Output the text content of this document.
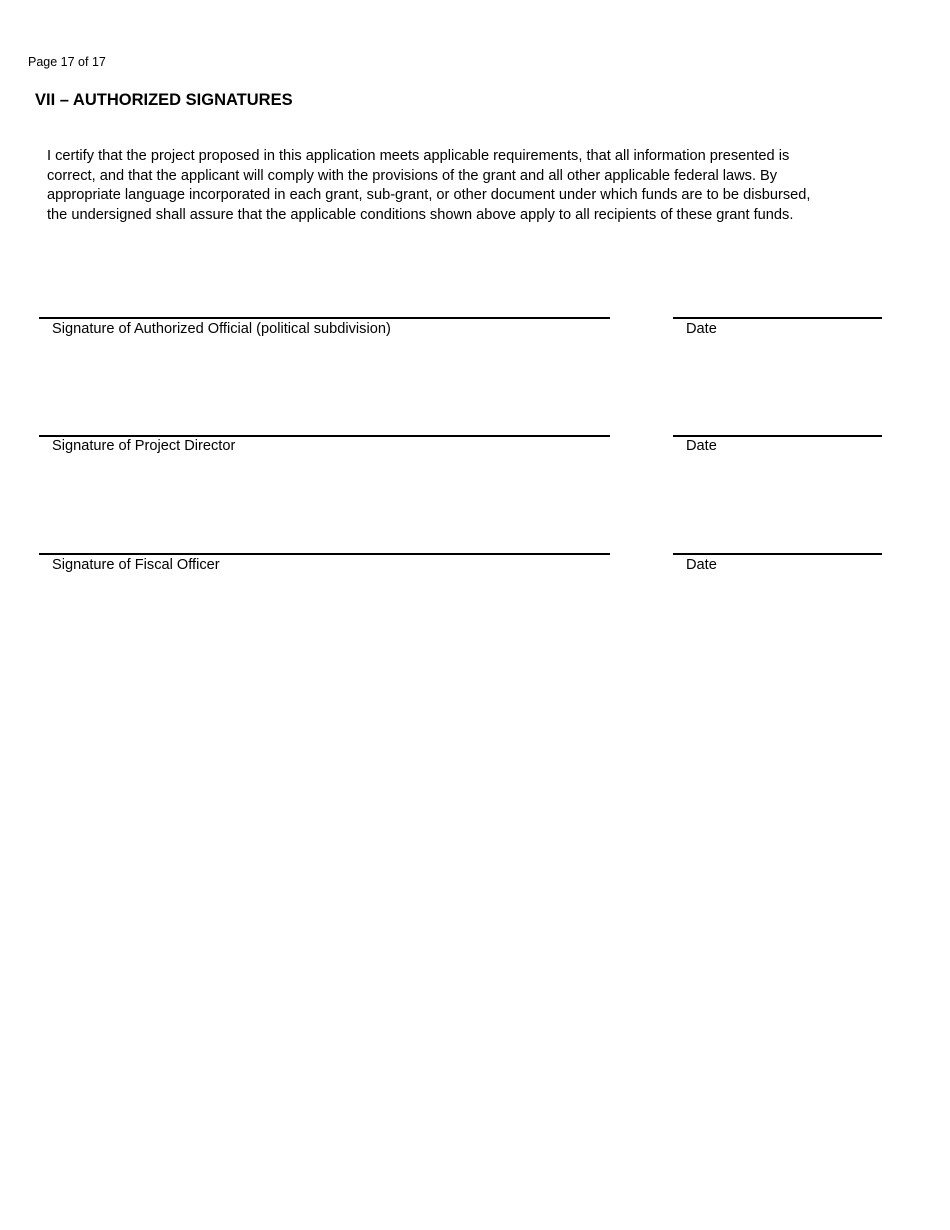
Page 17 of 17
VII – AUTHORIZED SIGNATURES

I certify that the project proposed in this application meets applicable requirements, that all information presented is
correct, and that the applicant will comply with the provisions of the grant and all other applicable federal laws. By
appropriate language incorporated in each grant, sub-grant, or other document under which funds are to be disbursed,
the undersigned shall assure that the applicable conditions shown above apply to all recipients of these grant funds.

Signature of Authorized Official (political subdivision)	Date
Signature of Project Director	Date
Signature of Fiscal Officer	Date
